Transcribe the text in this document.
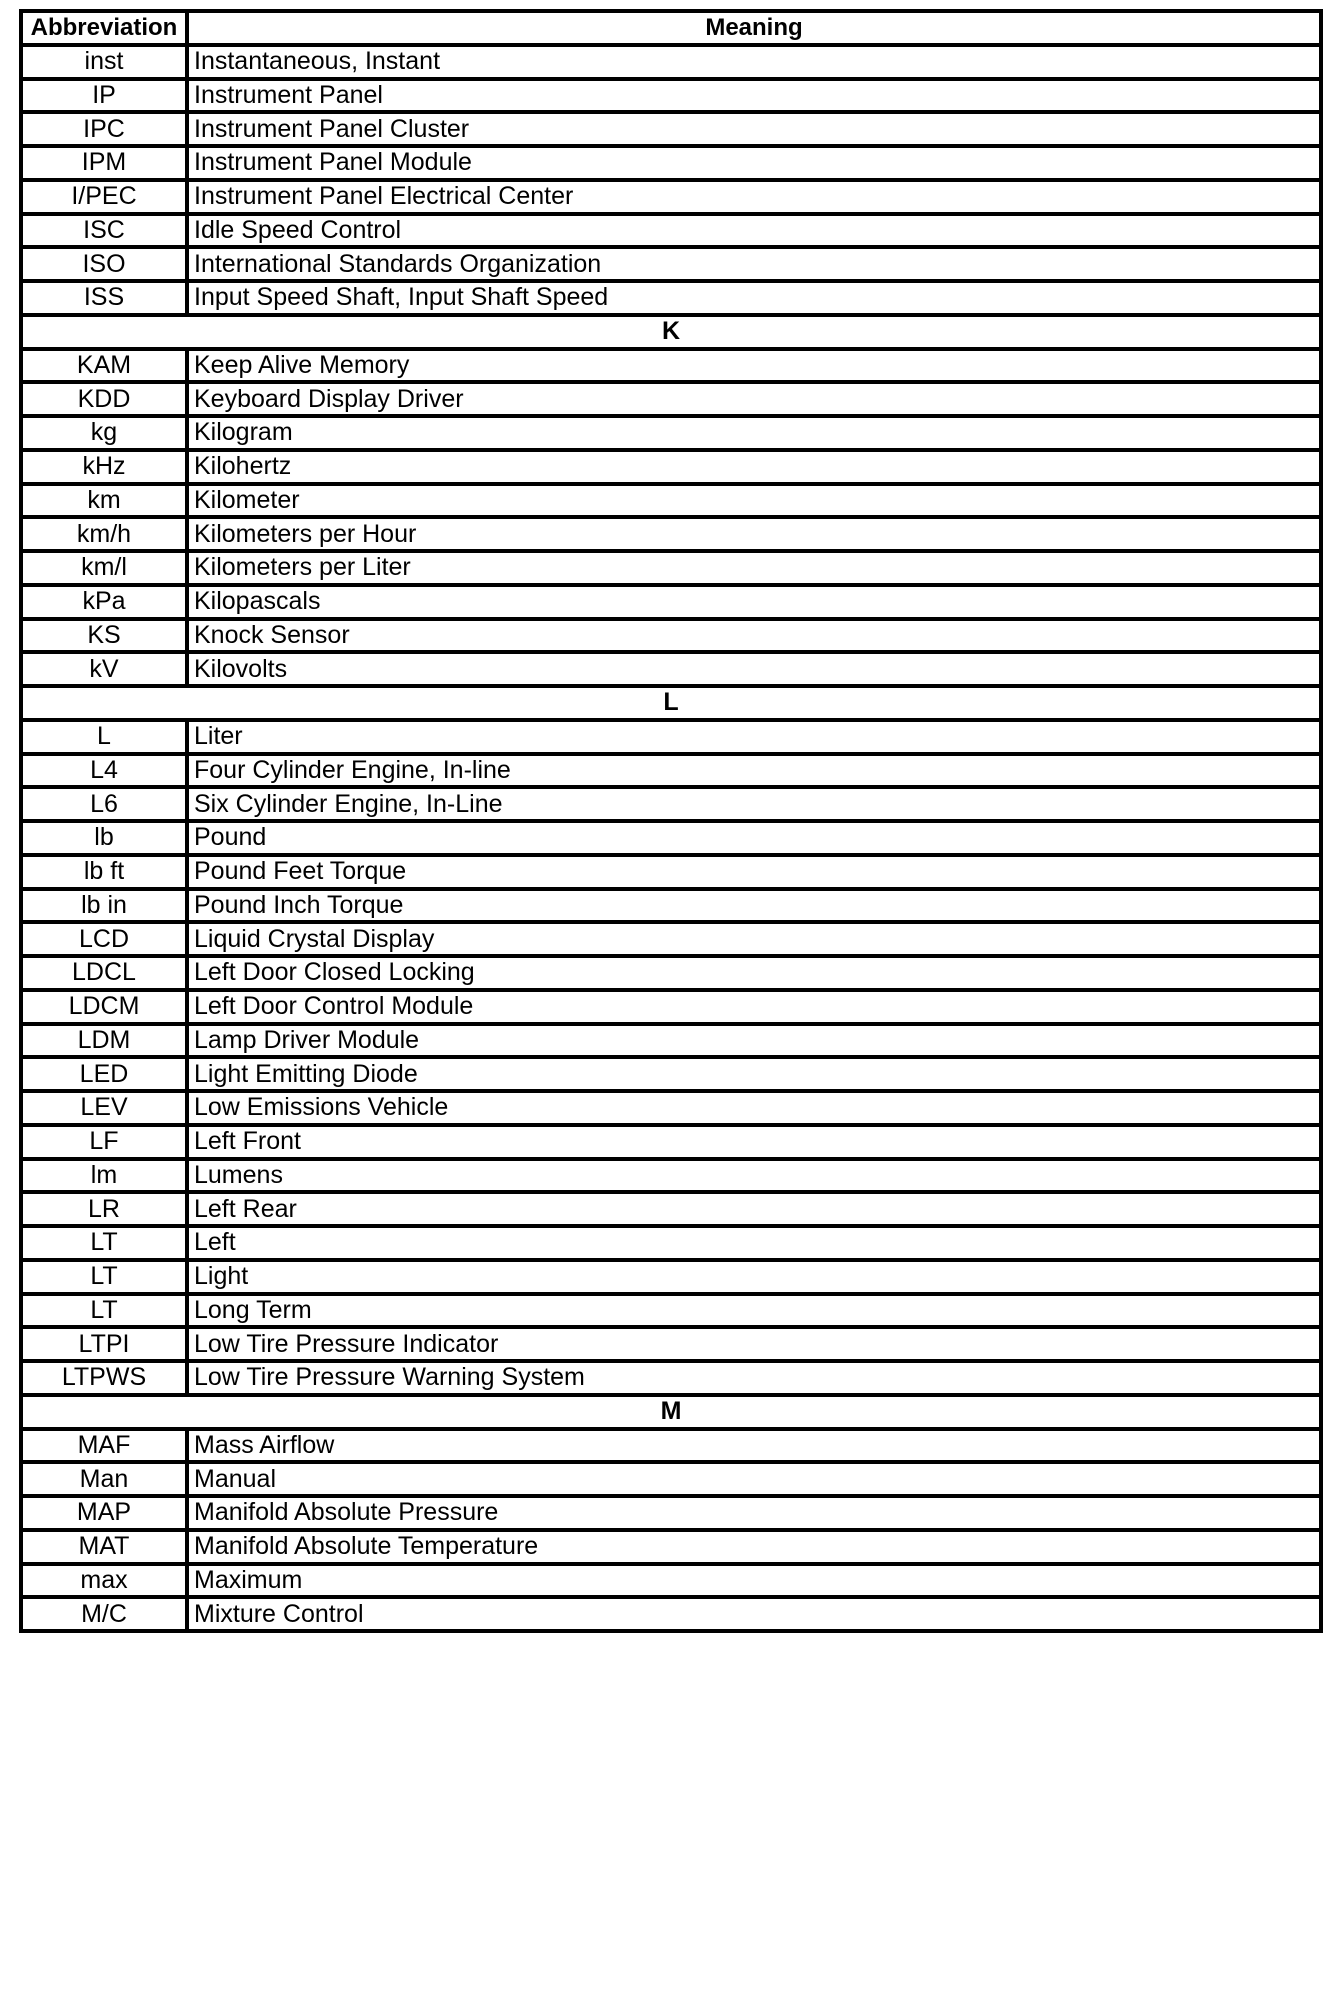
Abbreviation	Meaning
inst	Instantaneous, Instant
IP	Instrument Panel
IPC	Instrument Panel Cluster
IPM	Instrument Panel Module
I/PEC	Instrument Panel Electrical Center
ISC	Idle Speed Control
ISO	International Standards Organization
ISS	Input Speed Shaft, Input Shaft Speed
K	
KAM	Keep Alive Memory
KDD	Keyboard Display Driver
kg	Kilogram
kHz	Kilohertz
km	Kilometer
km/h	Kilometers per Hour
km/l	Kilometers per Liter
kPa	Kilopascals
KS	Knock Sensor
kV	Kilovolts
L	
L	Liter
L4	Four Cylinder Engine, In-line
L6	Six Cylinder Engine, In-Line
lb	Pound
lb ft	Pound Feet Torque
lb in	Pound Inch Torque
LCD	Liquid Crystal Display
LDCL	Left Door Closed Locking
LDCM	Left Door Control Module
LDM	Lamp Driver Module
LED	Light Emitting Diode
LEV	Low Emissions Vehicle
LF	Left Front
lm	Lumens
LR	Left Rear
LT	Left
LT	Light
LT	Long Term
LTPI	Low Tire Pressure Indicator
LTPWS	Low Tire Pressure Warning System
M	
MAF	Mass Airflow
Man	Manual
MAP	Manifold Absolute Pressure
MAT	Manifold Absolute Temperature
max	Maximum
M/C	Mixture Control
